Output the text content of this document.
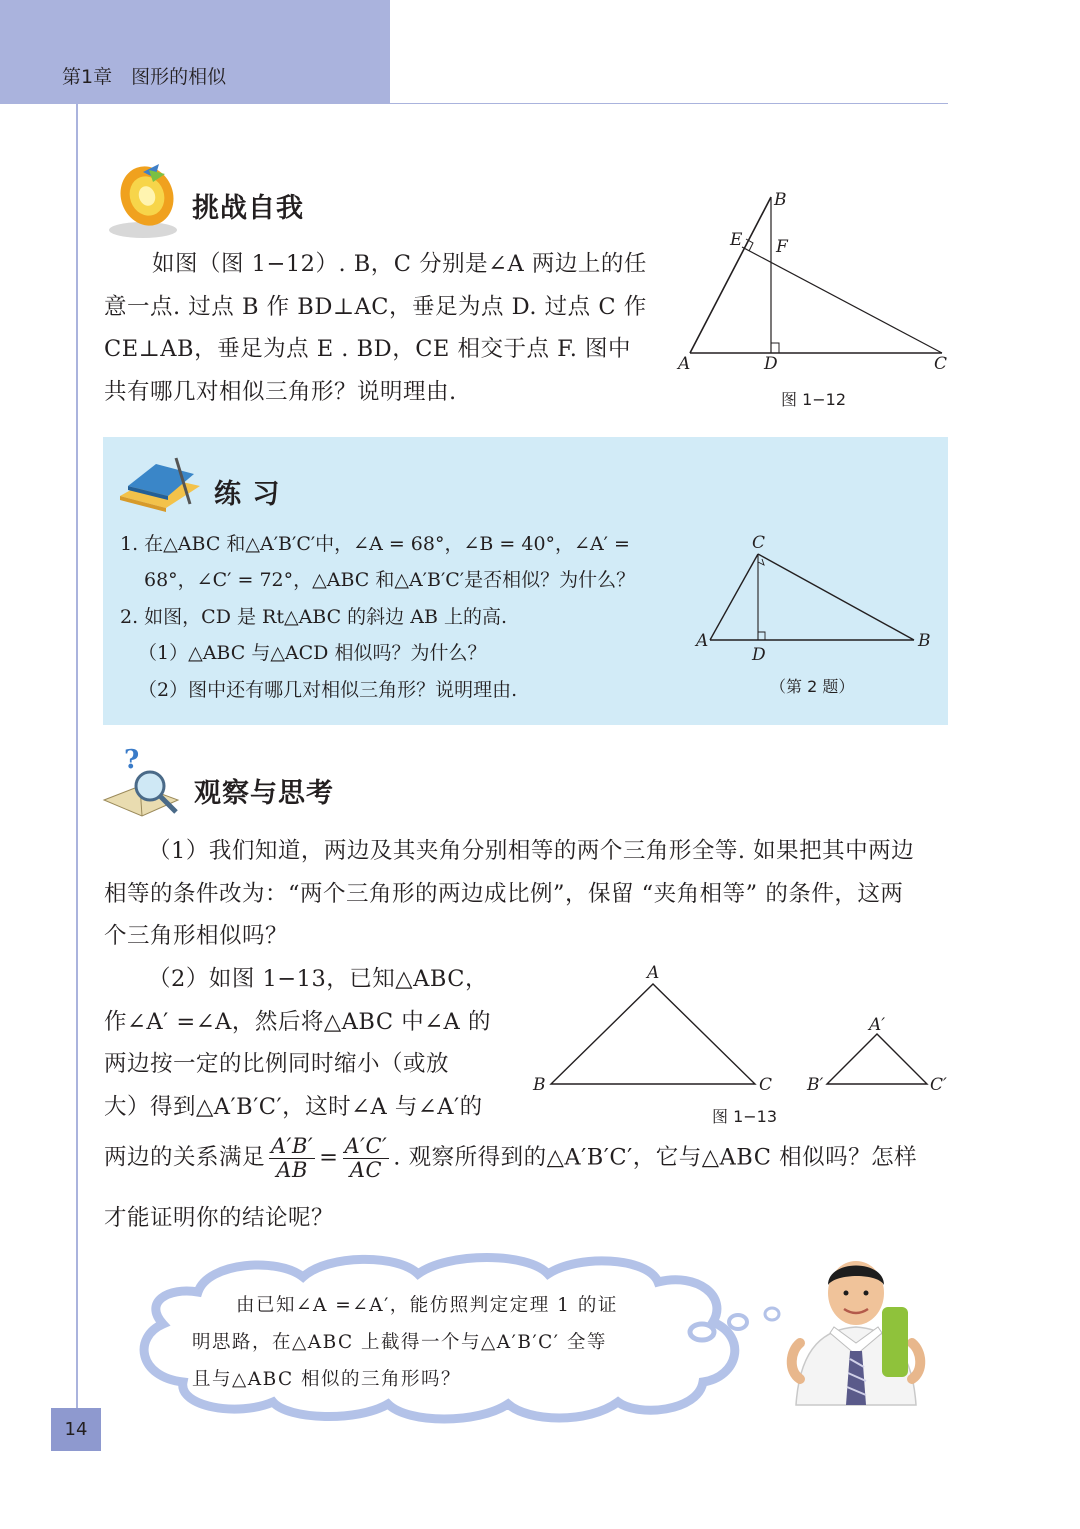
第1章　 图形的相似
挑战自我
如图（图 1−12）. B，C 分别是∠A 两边上的任
意一点. 过点 B 作 BD⊥AC，垂足为点 D. 过点 C 作
CE⊥AB，垂足为点 E . BD，CE 相交于点 F. 图中
共有哪几对相似三角形？说明理由.
A
B
C
D
E F
图 1−12
练 习
1. 在△ABC 和△A′B′C′中，∠A = 68°，∠B = 40°，∠A′ =
68°，∠C′ = 72°，△ABC 和△A′B′C′是否相似？为什么？
2. 如图，CD 是 Rt△ABC 的斜边 AB 上的高.
（1）△ABC 与△ACD 相似吗？为什么？
（2）图中还有哪几对相似三角形？说明理由.
A	B
C
D
（第 2 题）
?
观察与思考
（1）我们知道，两边及其夹角分别相等的两个三角形全等. 如果把其中两边
相等的条件改为：“两个三角形的两边成比例”，保留 “夹角相等” 的条件，这两
个三角形相似吗？
（2）如图 1−13，已知△ABC，
作∠A′ =∠A，然后将△ABC 中∠A 的
两边按一定的比例同时缩小（或放
大）得到△A′B′C′，这时∠A 与∠A′的
A
B	C
A′
B′	C′
图 1−13
两边的关系满足 $\frac{A'B'}{AB} = \frac{A'C'}{AC}$ . 观察所得到的△A′B′C′，它与△ABC 相似吗？怎样
才能证明你的结论呢？
由已知∠A =∠A′，能仿照判定定理 1 的证
明思路，在△ABC 上截得一个与△A′B′C′ 全等
且与△ABC 相似的三角形吗？
14
